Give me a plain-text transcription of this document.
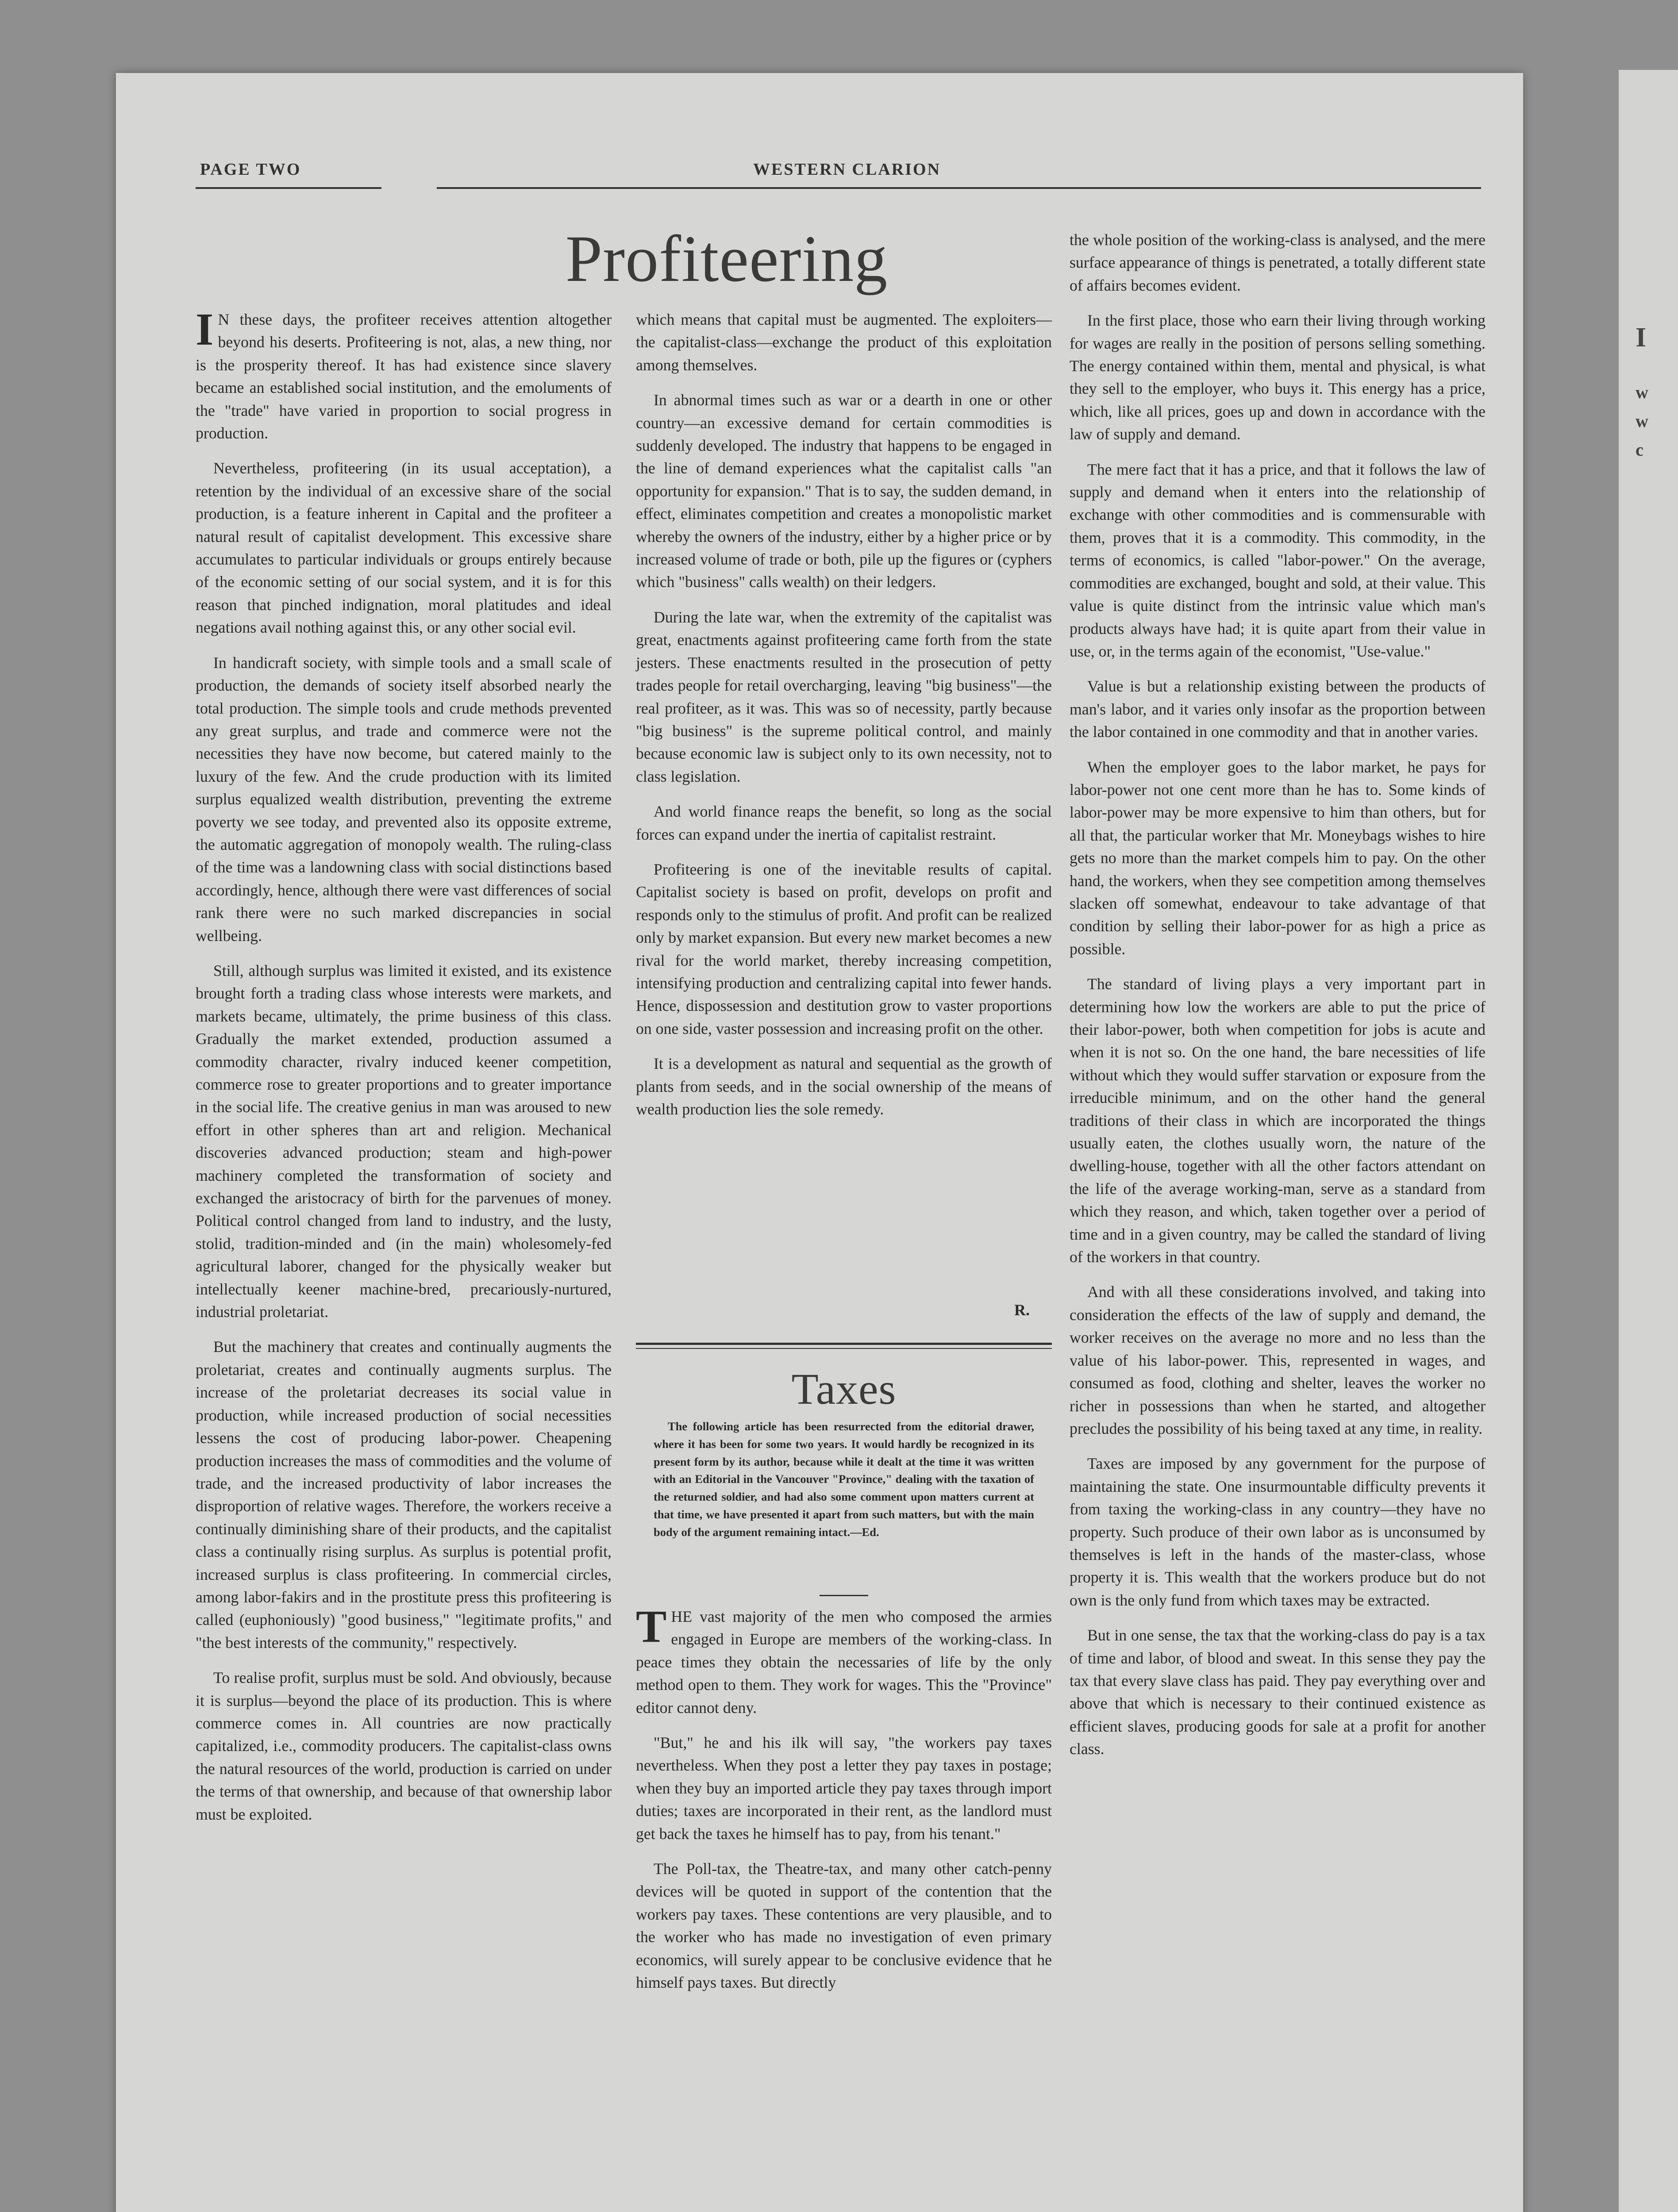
I
w
w
c
PAGE TWO	WESTERN CLARION
Profiteering

I N these days, the profiteer receives attention altogether beyond his deserts. Profiteering is not, alas, a new thing, nor is the prosperity thereof. It has had existence since slavery became an established social institution, and the emoluments of the "trade" have varied in proportion to social progress in production.

Nevertheless, profiteering (in its usual acceptation), a retention by the individual of an excessive share of the social production, is a feature inherent in Capital and the profiteer a natural result of capitalist development. This excessive share accumulates to particular individuals or groups entirely because of the economic setting of our social system, and it is for this reason that pinched indignation, moral platitudes and ideal negations avail nothing against this, or any other social evil.

In handicraft society, with simple tools and a small scale of production, the demands of society itself absorbed nearly the total production. The simple tools and crude methods prevented any great surplus, and trade and commerce were not the necessities they have now become, but catered mainly to the luxury of the few. And the crude production with its limited surplus equalized wealth distribution, preventing the extreme poverty we see today, and prevented also its opposite extreme, the automatic aggregation of monopoly wealth. The ruling-class of the time was a landowning class with social distinctions based accordingly, hence, although there were vast differences of social rank there were no such marked discrepancies in social wellbeing.

Still, although surplus was limited it existed, and its existence brought forth a trading class whose interests were markets, and markets became, ultimately, the prime business of this class. Gradually the market extended, production assumed a commodity character, rivalry induced keener competition, commerce rose to greater proportions and to greater importance in the social life. The creative genius in man was aroused to new effort in other spheres than art and religion. Mechanical discoveries advanced production; steam and high-power machinery completed the transformation of society and exchanged the aristocracy of birth for the parvenues of money. Political control changed from land to industry, and the lusty, stolid, tradition-minded and (in the main) wholesomely-fed agricultural laborer, changed for the physically weaker but intellectually keener machine-bred, precariously-nurtured, industrial proletariat.

But the machinery that creates and continually augments the proletariat, creates and continually augments surplus. The increase of the proletariat decreases its social value in production, while increased production of social necessities lessens the cost of producing labor-power. Cheapening production increases the mass of commodities and the volume of trade, and the increased productivity of labor increases the disproportion of relative wages. Therefore, the workers receive a continually diminishing share of their products, and the capitalist class a continually rising surplus. As surplus is potential profit, increased surplus is class profiteering. In commercial circles, among labor-fakirs and in the prostitute press this profiteering is called (euphoniously) "good business," "legitimate profits," and "the best interests of the community," respectively.

To realise profit, surplus must be sold. And obviously, because it is surplus—beyond the place of its production. This is where commerce comes in. All countries are now practically capitalized, i.e., commodity producers. The capitalist-class owns the natural resources of the world, production is carried on under the terms of that ownership, and because of that ownership labor must be exploited.

which means that capital must be augmented. The exploiters—the capitalist-class—exchange the product of this exploitation among themselves.

In abnormal times such as war or a dearth in one or other country—an excessive demand for certain commodities is suddenly developed. The industry that happens to be engaged in the line of demand experiences what the capitalist calls "an opportunity for expansion." That is to say, the sudden demand, in effect, eliminates competition and creates a monopolistic market whereby the owners of the industry, either by a higher price or by increased volume of trade or both, pile up the figures or (cyphers which "business" calls wealth) on their ledgers.

During the late war, when the extremity of the capitalist was great, enactments against profiteering came forth from the state jesters. These enactments resulted in the prosecution of petty trades people for retail overcharging, leaving "big business"—the real profiteer, as it was. This was so of necessity, partly because "big business" is the supreme political control, and mainly because economic law is subject only to its own necessity, not to class legislation.

And world finance reaps the benefit, so long as the social forces can expand under the inertia of capitalist restraint.

Profiteering is one of the inevitable results of capital. Capitalist society is based on profit, develops on profit and responds only to the stimulus of profit. And profit can be realized only by market expansion. But every new market becomes a new rival for the world market, thereby increasing competition, intensifying production and centralizing capital into fewer hands. Hence, dispossession and destitution grow to vaster proportions on one side, vaster possession and increasing profit on the other.

It is a development as natural and sequential as the growth of plants from seeds, and in the social ownership of the means of wealth production lies the sole remedy.

R.
Taxes
The following article has been resurrected from the editorial drawer, where it has been for some two years. It would hardly be recognized in its present form by its author, because while it dealt at the time it was written with an Editorial in the Vancouver "Province," dealing with the taxation of the returned soldier, and had also some comment upon matters current at that time, we have presented it apart from such matters, but with the main body of the argument remaining intact.—Ed.

THE vast majority of the men who composed the armies engaged in Europe are members of the working-class. In peace times they obtain the necessaries of life by the only method open to them. They work for wages. This the "Province" editor cannot deny.

"But," he and his ilk will say, "the workers pay taxes nevertheless. When they post a letter they pay taxes in postage; when they buy an imported article they pay taxes through import duties; taxes are incorporated in their rent, as the landlord must get back the taxes he himself has to pay, from his tenant."

The Poll-tax, the Theatre-tax, and many other catch-penny devices will be quoted in support of the contention that the workers pay taxes. These contentions are very plausible, and to the worker who has made no investigation of even primary economics, will surely appear to be conclusive evidence that he himself pays taxes. But directly

the whole position of the working-class is analysed, and the mere surface appearance of things is penetrated, a totally different state of affairs becomes evident.

In the first place, those who earn their living through working for wages are really in the position of persons selling something. The energy contained within them, mental and physical, is what they sell to the employer, who buys it. This energy has a price, which, like all prices, goes up and down in accordance with the law of supply and demand.

The mere fact that it has a price, and that it follows the law of supply and demand when it enters into the relationship of exchange with other commodities and is commensurable with them, proves that it is a commodity. This commodity, in the terms of economics, is called "labor-power." On the average, commodities are exchanged, bought and sold, at their value. This value is quite distinct from the intrinsic value which man's products always have had; it is quite apart from their value in use, or, in the terms again of the economist, "Use-value."

Value is but a relationship existing between the products of man's labor, and it varies only insofar as the proportion between the labor contained in one commodity and that in another varies.

When the employer goes to the labor market, he pays for labor-power not one cent more than he has to. Some kinds of labor-power may be more expensive to him than others, but for all that, the particular worker that Mr. Moneybags wishes to hire gets no more than the market compels him to pay. On the other hand, the workers, when they see competition among themselves slacken off somewhat, endeavour to take advantage of that condition by selling their labor-power for as high a price as possible.

The standard of living plays a very important part in determining how low the workers are able to put the price of their labor-power, both when competition for jobs is acute and when it is not so. On the one hand, the bare necessities of life without which they would suffer starvation or exposure from the irreducible minimum, and on the other hand the general traditions of their class in which are incorporated the things usually eaten, the clothes usually worn, the nature of the dwelling-house, together with all the other factors attendant on the life of the average working-man, serve as a standard from which they reason, and which, taken together over a period of time and in a given country, may be called the standard of living of the workers in that country.

And with all these considerations involved, and taking into consideration the effects of the law of supply and demand, the worker receives on the average no more and no less than the value of his labor-power. This, represented in wages, and consumed as food, clothing and shelter, leaves the worker no richer in possessions than when he started, and altogether precludes the possibility of his being taxed at any time, in reality.

Taxes are imposed by any government for the purpose of maintaining the state. One insurmountable difficulty prevents it from taxing the working-class in any country—they have no property. Such produce of their own labor as is unconsumed by themselves is left in the hands of the master-class, whose property it is. This wealth that the workers produce but do not own is the only fund from which taxes may be extracted.

But in one sense, the tax that the working-class do pay is a tax of time and labor, of blood and sweat. In this sense they pay the tax that every slave class has paid. They pay everything over and above that which is necessary to their continued existence as efficient slaves, producing goods for sale at a profit for another class.
